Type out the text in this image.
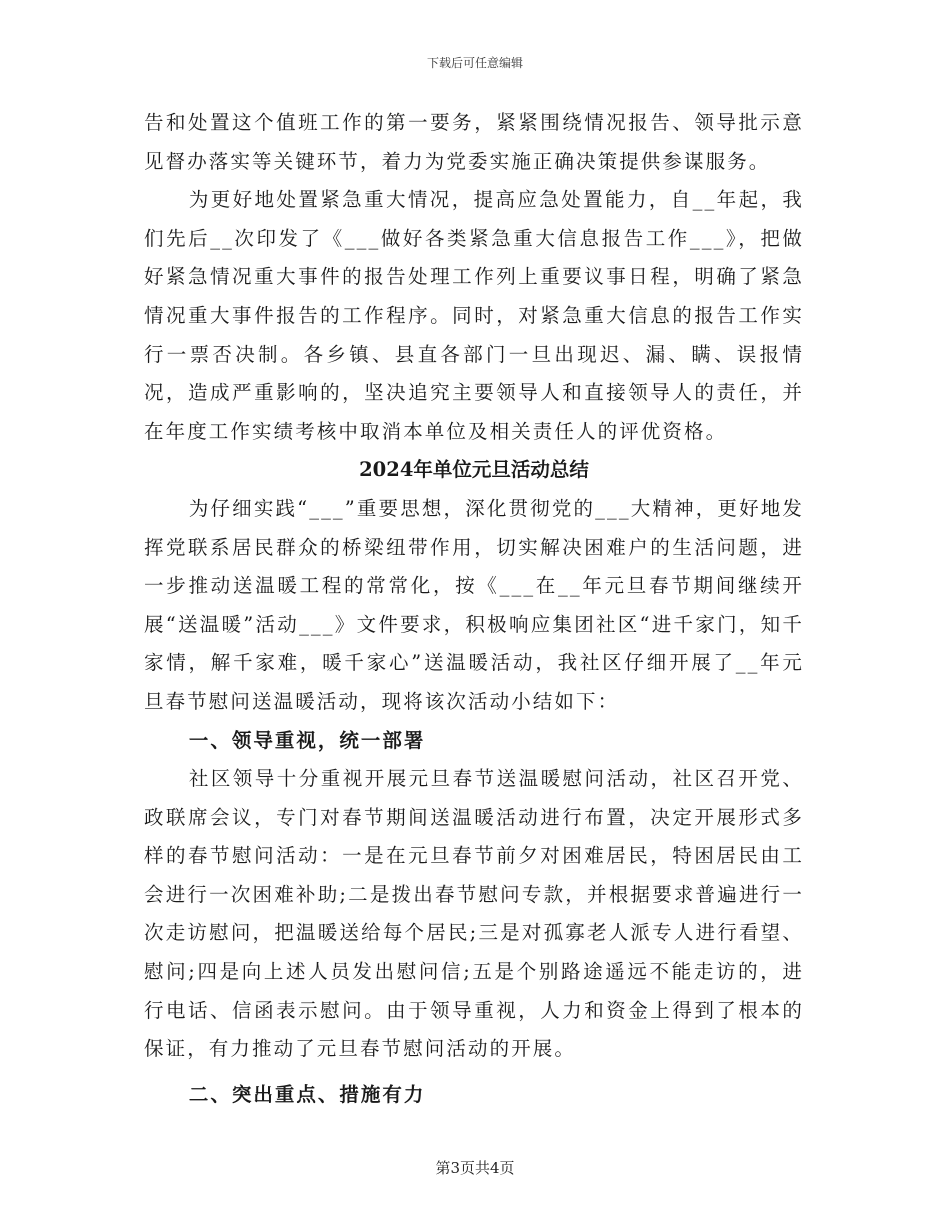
下载后可任意编辑

告和处置这个值班工作的第一要务，紧紧围绕情况报告、领导批示意见督办落实等关键环节，着力为党委实施正确决策提供参谋服务。

为更好地处置紧急重大情况，提高应急处置能力，自__年起，我们先后__次印发了《___做好各类紧急重大信息报告工作___》，把做好紧急情况重大事件的报告处理工作列上重要议事日程，明确了紧急情况重大事件报告的工作程序。同时，对紧急重大信息的报告工作实行一票否决制。各乡镇、县直各部门一旦出现迟、漏、瞒、误报情况，造成严重影响的，坚决追究主要领导人和直接领导人的责任，并在年度工作实绩考核中取消本单位及相关责任人的评优资格。

2024年单位元旦活动总结

为仔细实践“___”重要思想，深化贯彻党的___大精神，更好地发挥党联系居民群众的桥梁纽带作用，切实解决困难户的生活问题，进一步推动送温暖工程的常常化，按《___在__年元旦春节期间继续开展“送温暖”活动___》文件要求，积极响应集团社区“进千家门，知千家情，解千家难，暖千家心”送温暖活动，我社区仔细开展了__年元旦春节慰问送温暖活动，现将该次活动小结如下：

一、领导重视，统一部署

社区领导十分重视开展元旦春节送温暖慰问活动，社区召开党、政联席会议，专门对春节期间送温暖活动进行布置，决定开展形式多样的春节慰问活动：一是在元旦春节前夕对困难居民，特困居民由工会进行一次困难补助;二是拨出春节慰问专款，并根据要求普遍进行一次走访慰问，把温暖送给每个居民;三是对孤寡老人派专人进行看望、慰问;四是向上述人员发出慰问信;五是个别路途遥远不能走访的，进行电话、信函表示慰问。由于领导重视，人力和资金上得到了根本的保证，有力推动了元旦春节慰问活动的开展。

二、突出重点、措施有力

第3页共4页
